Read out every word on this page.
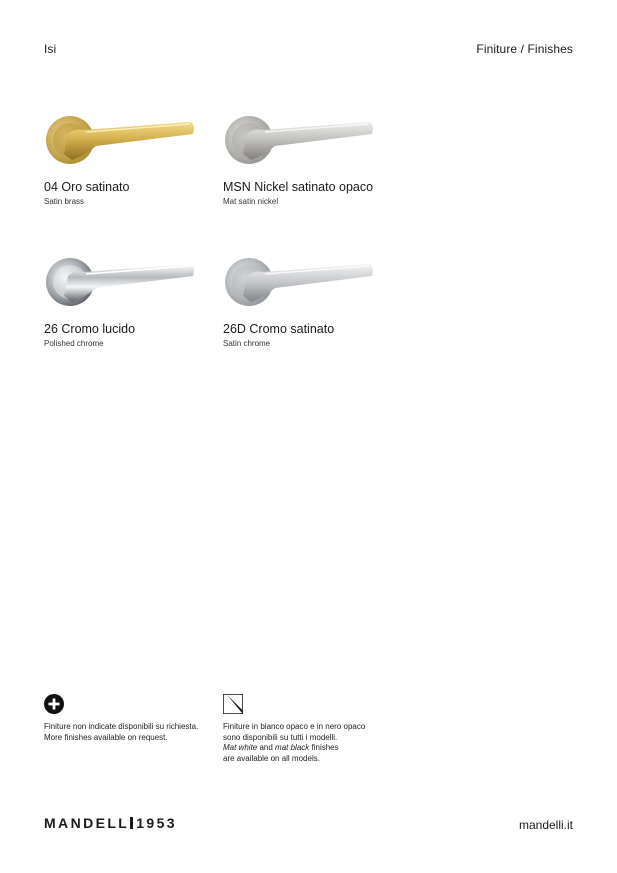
Isi	Finiture / Finishes
04 Oro satinato
Satin brass
MSN Nickel satinato opaco
Mat satin nickel
26 Cromo lucido
Polished chrome
26D Cromo satinato
Satin chrome
Finiture non indicate disponibili su richiesta.
More finishes available on request.
Finiture in bianco opaco e in nero opaco
sono disponibili su tutti i modelli.
Mat white and mat black finishes
are available on all models.
MANDELL 1953	mandelli.it
